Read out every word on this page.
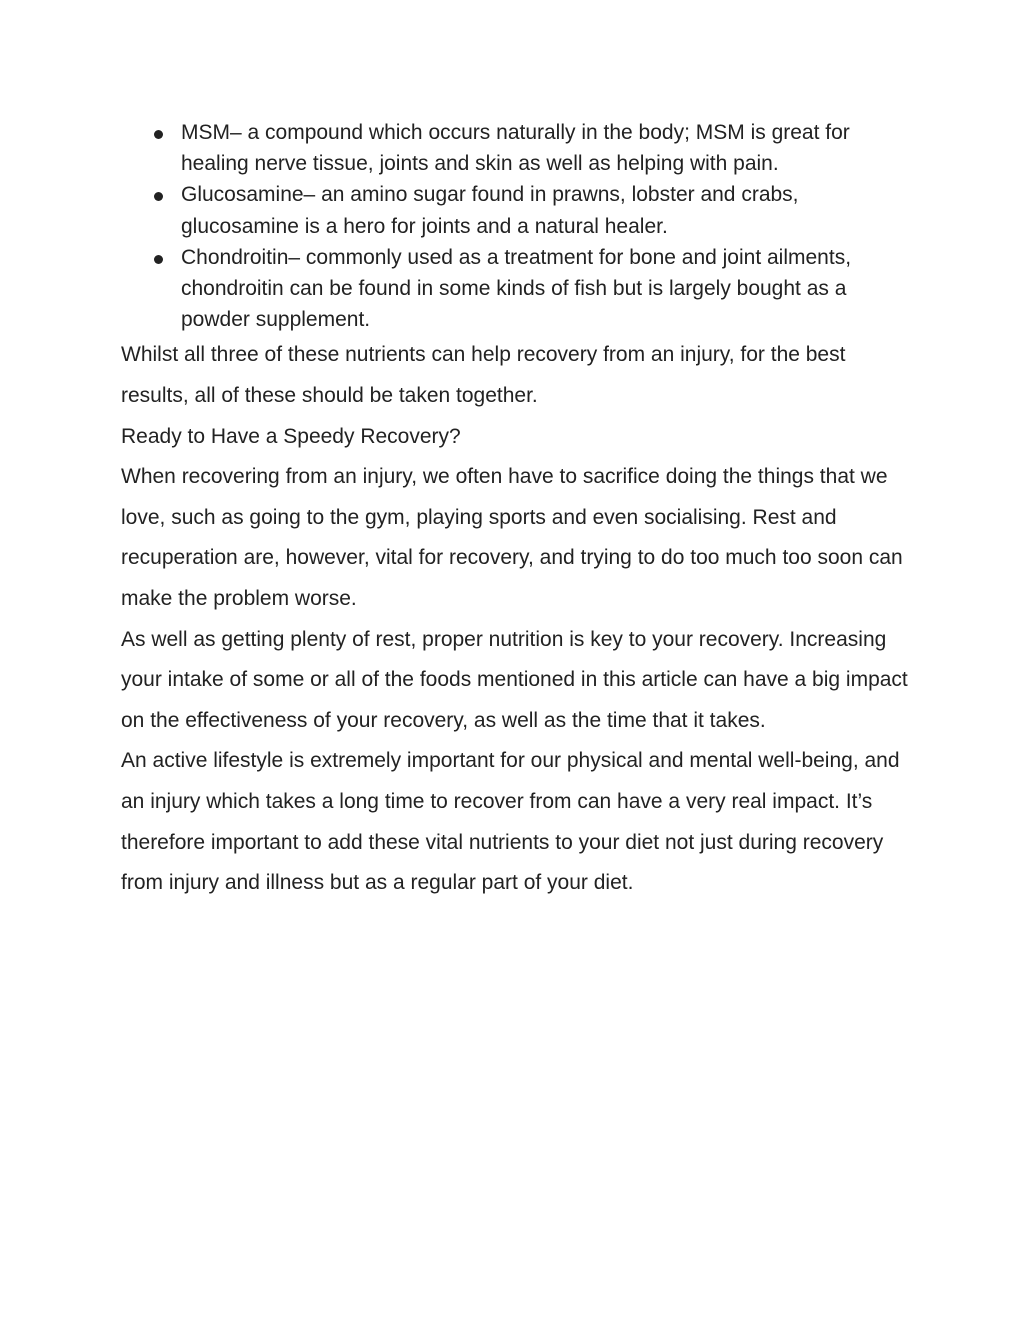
MSM– a compound which occurs naturally in the body; MSM is great for healing nerve tissue, joints and skin as well as helping with pain.
Glucosamine– an amino sugar found in prawns, lobster and crabs, glucosamine is a hero for joints and a natural healer.
Chondroitin– commonly used as a treatment for bone and joint ailments, chondroitin can be found in some kinds of fish but is largely bought as a powder supplement.

Whilst all three of these nutrients can help recovery from an injury, for the best results, all of these should be taken together.

Ready to Have a Speedy Recovery?

When recovering from an injury, we often have to sacrifice doing the things that we love, such as going to the gym, playing sports and even socialising. Rest and recuperation are, however, vital for recovery, and trying to do too much too soon can make the problem worse.

As well as getting plenty of rest, proper nutrition is key to your recovery. Increasing your intake of some or all of the foods mentioned in this article can have a big impact on the effectiveness of your recovery, as well as the time that it takes.

An active lifestyle is extremely important for our physical and mental well-being, and an injury which takes a long time to recover from can have a very real impact. It’s therefore important to add these vital nutrients to your diet not just during recovery from injury and illness but as a regular part of your diet.
